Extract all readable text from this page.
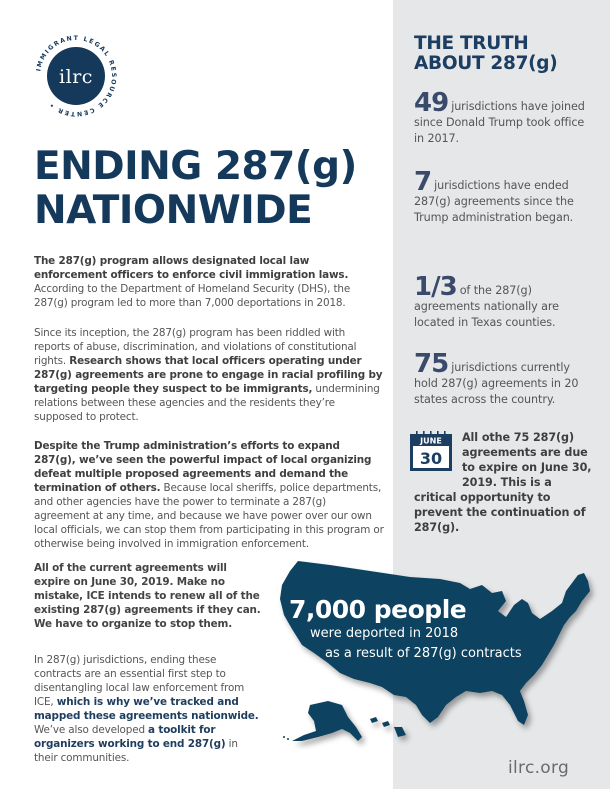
IMMIGRANT LEGAL RESOURCE CENTER •
ilrc
ENDING 287(g)
NATIONWIDE

The 287(g) program allows designated local law enforcement officers to enforce civil immigration laws. According to the Department of Homeland Security (DHS), the 287(g) program led to more than 7,000 deportations in 2018.

Since its inception, the 287(g) program has been riddled with reports of abuse, discrimination, and violations of constitutional rights. Research shows that local officers operating under 287(g) agreements are prone to engage in racial profiling by targeting people they suspect to be immigrants, undermining relations between these agencies and the residents they’re supposed to protect.

Despite the Trump administration’s efforts to expand 287(g), we’ve seen the powerful impact of local organizing defeat multiple proposed agreements and demand the termination of others. Because local sheriffs, police departments, and other agencies have the power to terminate a 287(g) agreement at any time, and because we have power over our own local officials, we can stop them from participating in this program or otherwise being involved in immigration enforcement.

All of the current agreements will expire on June 30, 2019. Make no mistake, ICE intends to renew all of the existing 287(g) agreements if they can. We have to organize to stop them.

In 287(g) jurisdictions, ending these contracts are an essential first step to disentangling local law enforcement from ICE, which is why we’ve tracked and mapped these agreements nationwide. We’ve also developed a toolkit for organizers working to end 287(g) in their communities.

THE TRUTH
ABOUT 287(g)
49 jurisdictions have joined since Donald Trump took office in 2017.
7 jurisdictions have ended 287(g) agreements since the Trump administration began.
1/3 of the 287(g) agreements nationally are located in Texas counties.
75 jurisdictions currently hold 287(g) agreements in 20 states across the country.
JUNE
30
All othe 75 287(g) agreements are due to expire on June 30, 2019. This is a
critical opportunity to prevent the continuation of 287(g).
7,000 people
were deported in 2018
as a result of 287(g) contracts
ilrc.org
